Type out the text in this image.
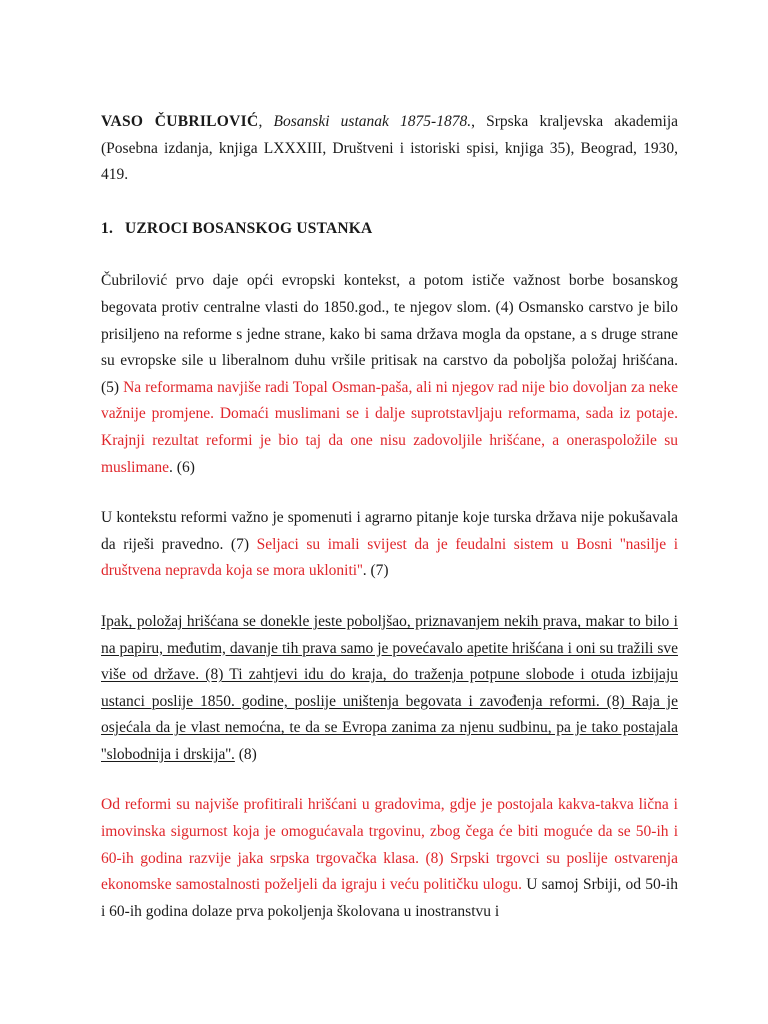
VASO ČUBRILOVIĆ, Bosanski ustanak 1875-1878., Srpska kraljevska akademija (Posebna izdanja, knjiga LXXXIII, Društveni i istoriski spisi, knjiga 35), Beograd, 1930, 419.

1. UZROCI BOSANSKOG USTANKA

Čubrilović prvo daje opći evropski kontekst, a potom ističe važnost borbe bosanskog begovata protiv centralne vlasti do 1850.god., te njegov slom. (4) Osmansko carstvo je bilo prisiljeno na reforme s jedne strane, kako bi sama država mogla da opstane, a s druge strane su evropske sile u liberalnom duhu vršile pritisak na carstvo da poboljša položaj hrišćana. (5) Na reformama navjiše radi Topal Osman-paša, ali ni njegov rad nije bio dovoljan za neke važnije promjene. Domaći muslimani se i dalje suprotstavljaju reformama, sada iz potaje. Krajnji rezultat reformi je bio taj da one nisu zadovoljile hrišćane, a oneraspoložile su muslimane. (6)

U kontekstu reformi važno je spomenuti i agrarno pitanje koje turska država nije pokušavala da riješi pravedno. (7) Seljaci su imali svijest da je feudalni sistem u Bosni ''nasilje i društvena nepravda koja se mora ukloniti''. (7)

Ipak, položaj hrišćana se donekle jeste poboljšao, priznavanjem nekih prava, makar to bilo i na papiru, međutim, davanje tih prava samo je povećavalo apetite hrišćana i oni su tražili sve više od države. (8) Ti zahtjevi idu do kraja, do traženja potpune slobode i otuda izbijaju ustanci poslije 1850. godine, poslije uništenja begovata i zavođenja reformi. (8) Raja je osjećala da je vlast nemoćna, te da se Evropa zanima za njenu sudbinu, pa je tako postajala ''slobodnija i drskija''. (8)

Od reformi su najviše profitirali hrišćani u gradovima, gdje je postojala kakva-takva lična i imovinska sigurnost koja je omogućavala trgovinu, zbog čega će biti moguće da se 50-ih i 60-ih godina razvije jaka srpska trgovačka klasa. (8) Srpski trgovci su poslije ostvarenja ekonomske samostalnosti poželjeli da igraju i veću političku ulogu. U samoj Srbiji, od 50-ih i 60-ih godina dolaze prva pokoljenja školovana u inostranstvu i
